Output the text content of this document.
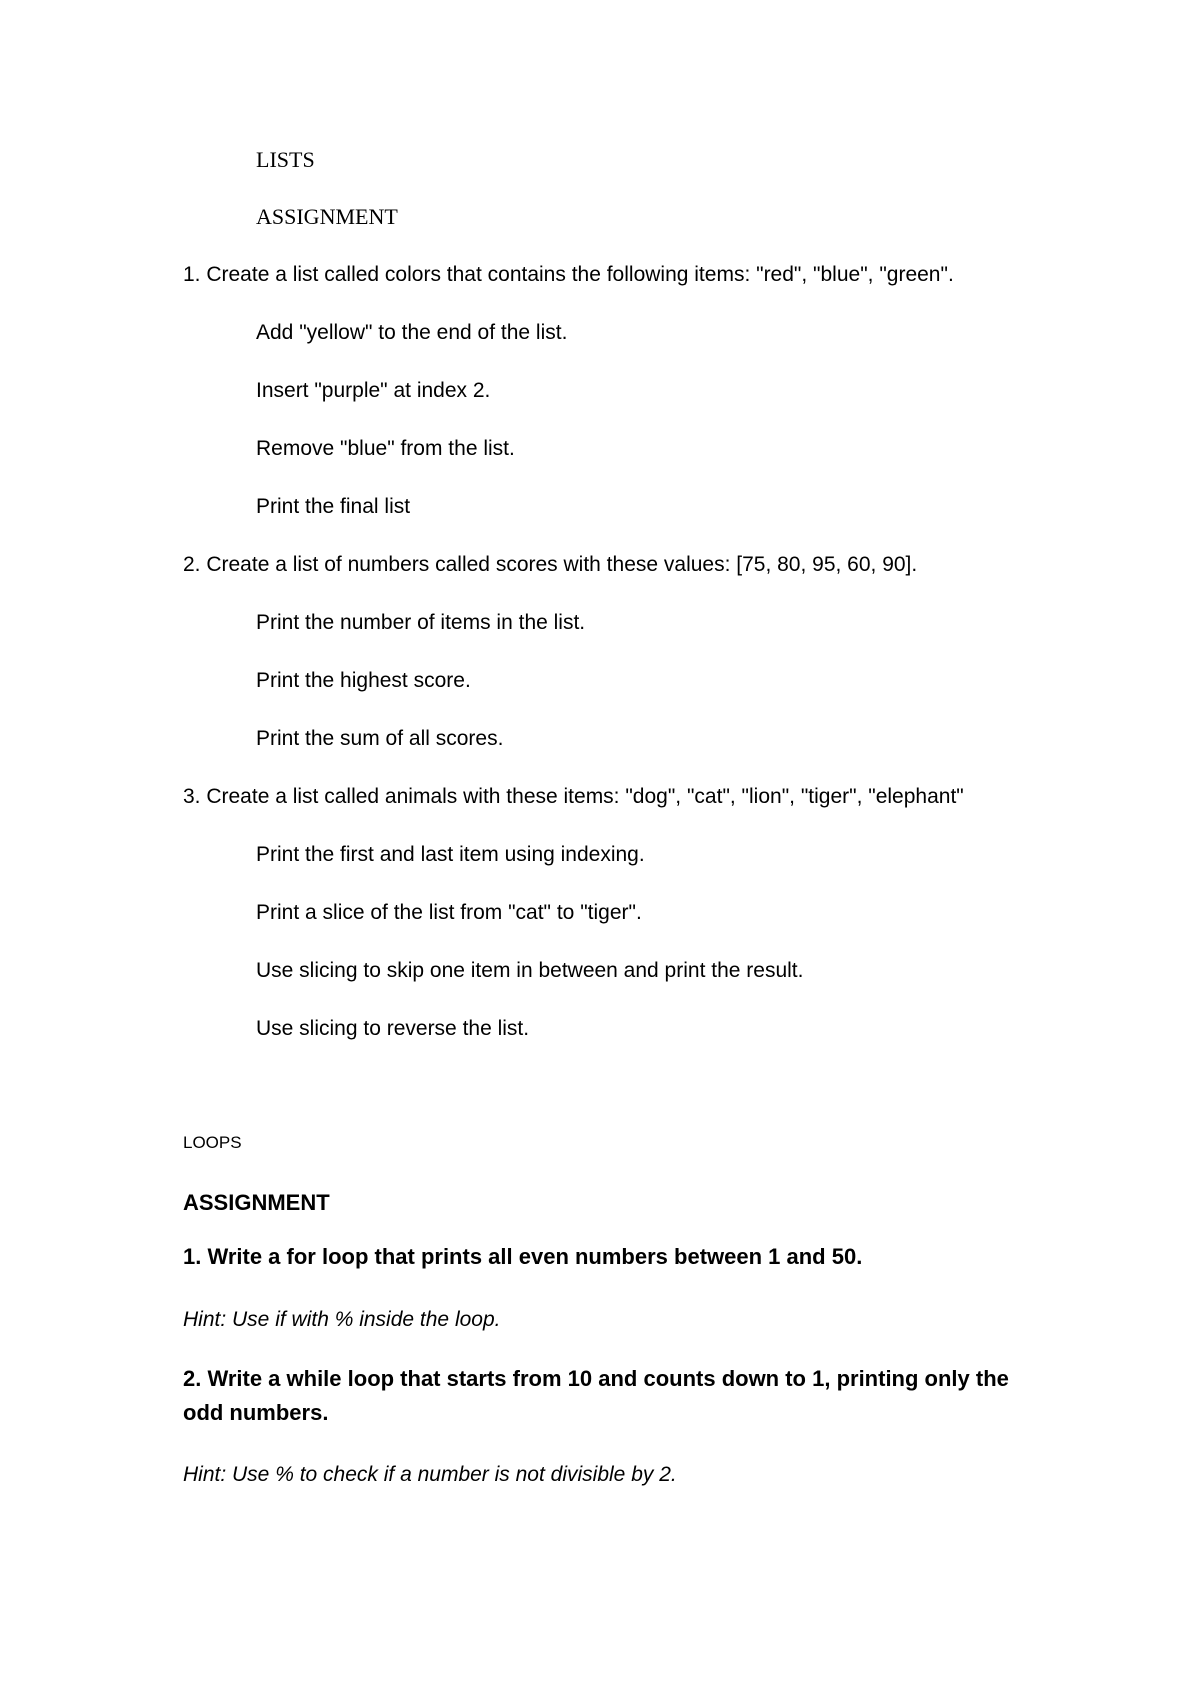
LISTS
ASSIGNMENT
1. Create a list called colors that contains the following items: "red", "blue", "green".
Add "yellow" to the end of the list.
Insert "purple" at index 2.
Remove "blue" from the list.
Print the final list
2. Create a list of numbers called scores with these values: [75, 80, 95, 60, 90].
Print the number of items in the list.
Print the highest score.
Print the sum of all scores.
3. Create a list called animals with these items: "dog", "cat", "lion", "tiger", "elephant"
Print the first and last item using indexing.
Print a slice of the list from "cat" to "tiger".
Use slicing to skip one item in between and print the result.
Use slicing to reverse the list.
LOOPS
ASSIGNMENT
1. Write a for loop that prints all even numbers between 1 and 50.
Hint: Use if with % inside the loop.
2. Write a while loop that starts from 10 and counts down to 1, printing only the odd numbers.
Hint: Use % to check if a number is not divisible by 2.
